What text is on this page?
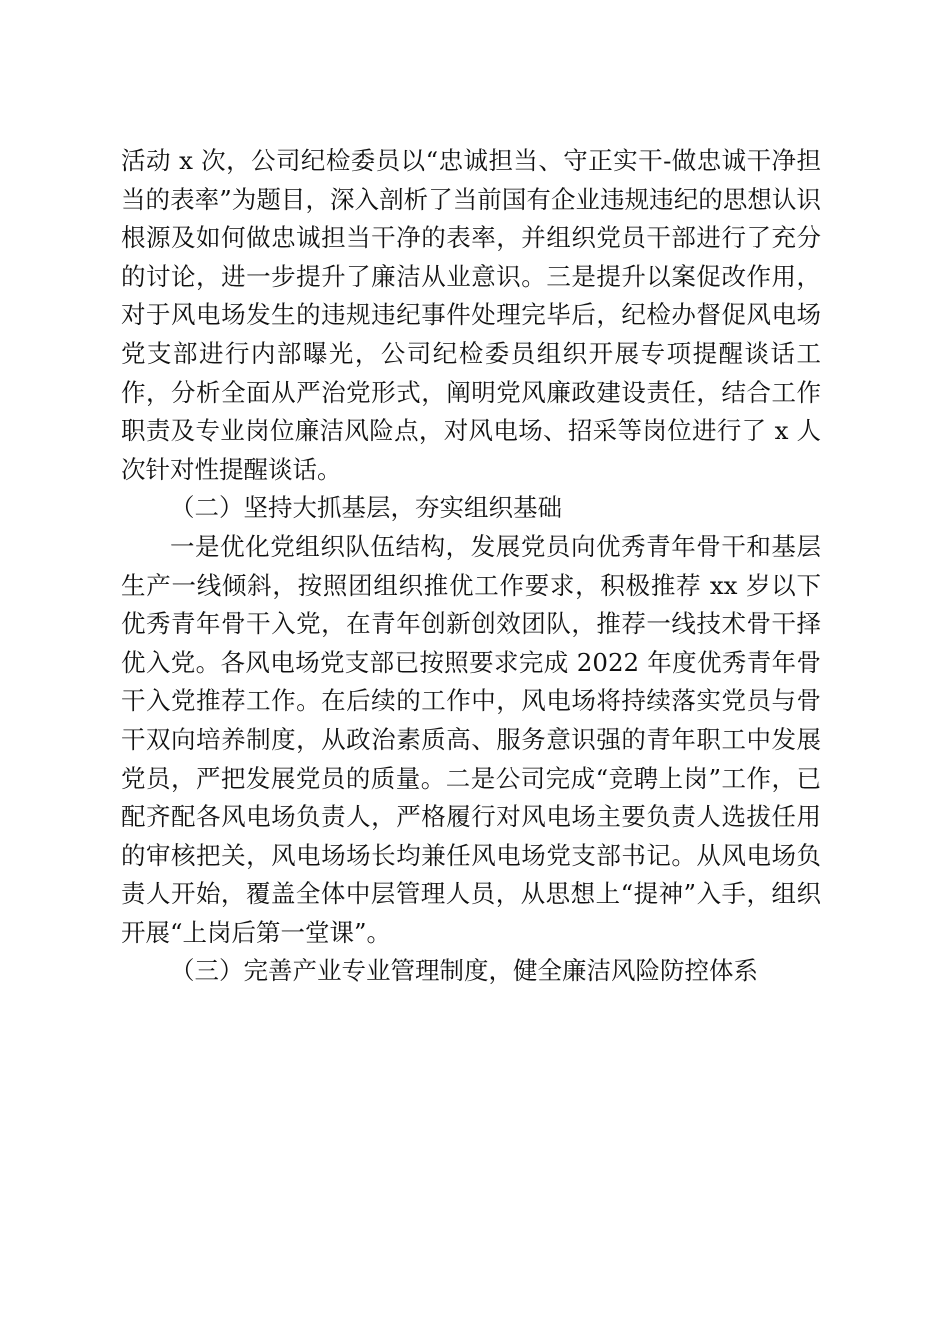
活动 x 次，公司纪检委员以“忠诚担当、守正实干-做忠诚干净担当的表率”为题目，深入剖析了当前国有企业违规违纪的思想认识根源及如何做忠诚担当干净的表率，并组织党员干部进行了充分的讨论，进一步提升了廉洁从业意识。三是提升以案促改作用，对于风电场发生的违规违纪事件处理完毕后，纪检办督促风电场党支部进行内部曝光，公司纪检委员组织开展专项提醒谈话工作，分析全面从严治党形式，阐明党风廉政建设责任，结合工作职责及专业岗位廉洁风险点，对风电场、招采等岗位进行了 x 人次针对性提醒谈话。

（二）坚持大抓基层，夯实组织基础

一是优化党组织队伍结构，发展党员向优秀青年骨干和基层生产一线倾斜，按照团组织推优工作要求，积极推荐 xx 岁以下优秀青年骨干入党，在青年创新创效团队，推荐一线技术骨干择优入党。各风电场党支部已按照要求完成 2022 年度优秀青年骨干入党推荐工作。在后续的工作中，风电场将持续落实党员与骨干双向培养制度，从政治素质高、服务意识强的青年职工中发展党员，严把发展党员的质量。二是公司完成“竞聘上岗”工作，已配齐配各风电场负责人，严格履行对风电场主要负责人选拔任用的审核把关，风电场场长均兼任风电场党支部书记。从风电场负责人开始，覆盖全体中层管理人员，从思想上“提神”入手，组织开展“上岗后第一堂课”。

（三）完善产业专业管理制度，健全廉洁风险防控体系
